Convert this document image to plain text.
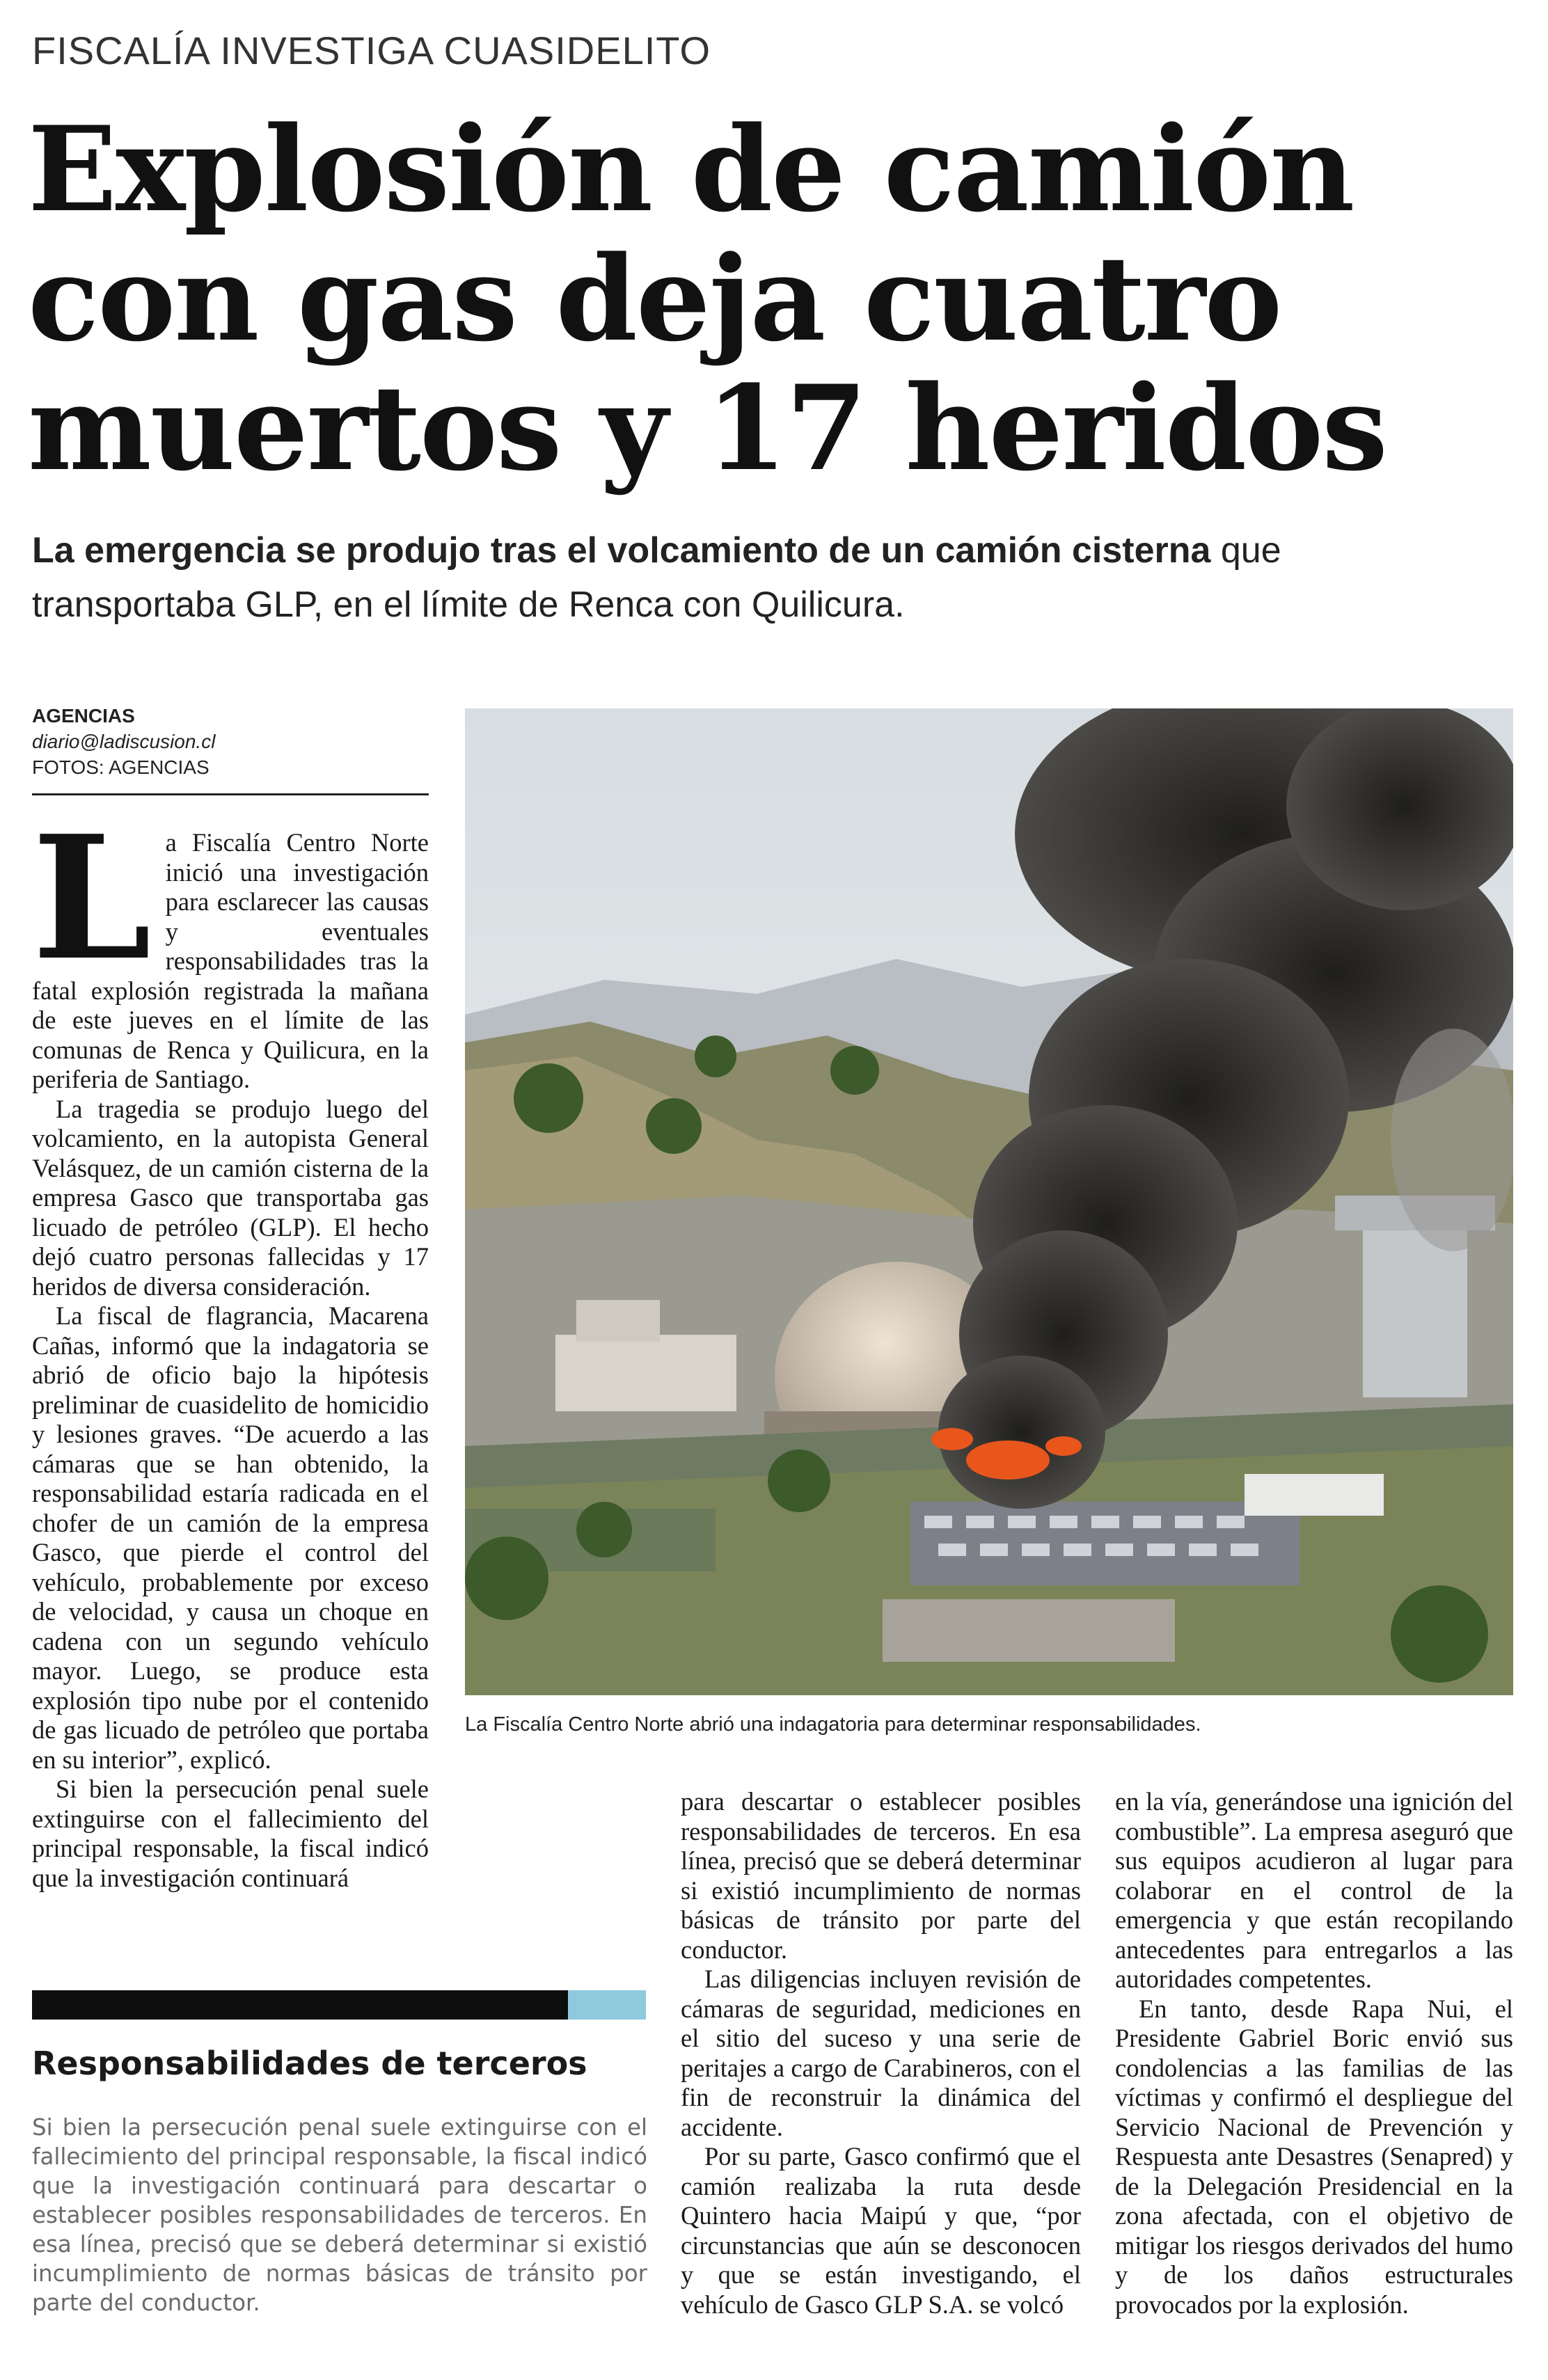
FISCALÍA INVESTIGA CUASIDELITO
Explosión de camión con gas deja cuatro muertos y 17 heridos
La emergencia se produjo tras el volcamiento de un camión cisterna que transportaba GLP, en el límite de Renca con Quilicura.
AGENCIAS
diario@ladiscusion.cl
FOTOS: AGENCIAS

La Fiscalía Centro Norte inició una investigación para esclarecer las causas y eventuales responsabilidades tras la fatal explosión registrada la mañana de este jueves en el límite de las comunas de Renca y Quilicura, en la periferia de Santiago.

La tragedia se produjo luego del volcamiento, en la autopista General Velásquez, de un camión cisterna de la empresa Gasco que transportaba gas licuado de petróleo (GLP). El hecho dejó cuatro personas fallecidas y 17 heridos de diversa consideración.

La fiscal de flagrancia, Macarena Cañas, informó que la indagatoria se abrió de oficio bajo la hipótesis preliminar de cuasidelito de homicidio y lesiones graves. “De acuerdo a las cámaras que se han obtenido, la responsabilidad estaría radicada en el chofer de un camión de la empresa Gasco, que pierde el control del vehículo, probablemente por exceso de velocidad, y causa un choque en cadena con un segundo vehículo mayor. Luego, se produce esta explosión tipo nube por el contenido de gas licuado de petróleo que portaba en su interior”, explicó.

Si bien la persecución penal suele extinguirse con el fallecimiento del principal responsable, la fiscal indicó que la investigación continuará

La Fiscalía Centro Norte abrió una indagatoria para determinar responsabilidades.

para descartar o establecer posibles responsabilidades de terceros. En esa línea, precisó que se deberá determinar si existió incumplimiento de normas básicas de tránsito por parte del conductor.

Las diligencias incluyen revisión de cámaras de seguridad, mediciones en el sitio del suceso y una serie de peritajes a cargo de Carabineros, con el fin de reconstruir la dinámica del accidente.

Por su parte, Gasco confirmó que el camión realizaba la ruta desde Quintero hacia Maipú y que, “por circunstancias que aún se desconocen y que se están investigando, el vehículo de Gasco GLP S.A. se volcó

en la vía, generándose una ignición del combustible”. La empresa aseguró que sus equipos acudieron al lugar para colaborar en el control de la emergencia y que están recopilando antecedentes para entregarlos a las autoridades competentes.

En tanto, desde Rapa Nui, el Presidente Gabriel Boric envió sus condolencias a las familias de las víctimas y confirmó el despliegue del Servicio Nacional de Prevención y Respuesta ante Desastres (Senapred) y de la Delegación Presidencial en la zona afectada, con el objetivo de mitigar los riesgos derivados del humo y de los daños estructurales provocados por la explosión.

Responsabilidades de terceros
Si bien la persecución penal suele extinguirse con el fallecimiento del principal responsable, la fiscal indicó que la investigación continuará para descartar o establecer posibles responsabilidades de terceros. En esa línea, precisó que se deberá determinar si existió incumplimiento de normas básicas de tránsito por parte del conductor.
